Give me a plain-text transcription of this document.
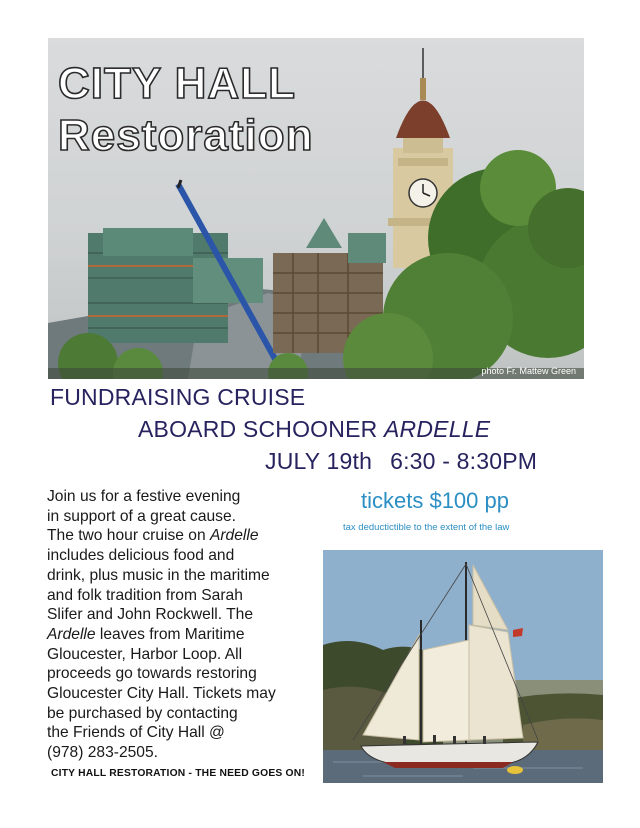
CITY HALL
Restoration
photo Fr. Mattew Green
FUNDRAISING CRUISE
ABOARD SCHOONER ARDELLE
JULY 19th 6:30 - 8:30PM

Join us for a festive evening
in support of a great cause.
The two hour cruise on Ardelle
includes delicious food and
drink, plus music in the maritime
and folk tradition from Sarah
Slifer and John Rockwell. The
Ardelle leaves from Maritime
Gloucester, Harbor Loop. All
proceeds go towards restoring
Gloucester City Hall. Tickets may
be purchased by contacting
the Friends of City Hall @
(978) 283-2505.

CITY HALL RESTORATION - THE NEED GOES ON!
tickets $100 pp
tax deductictible to the extent of the law
